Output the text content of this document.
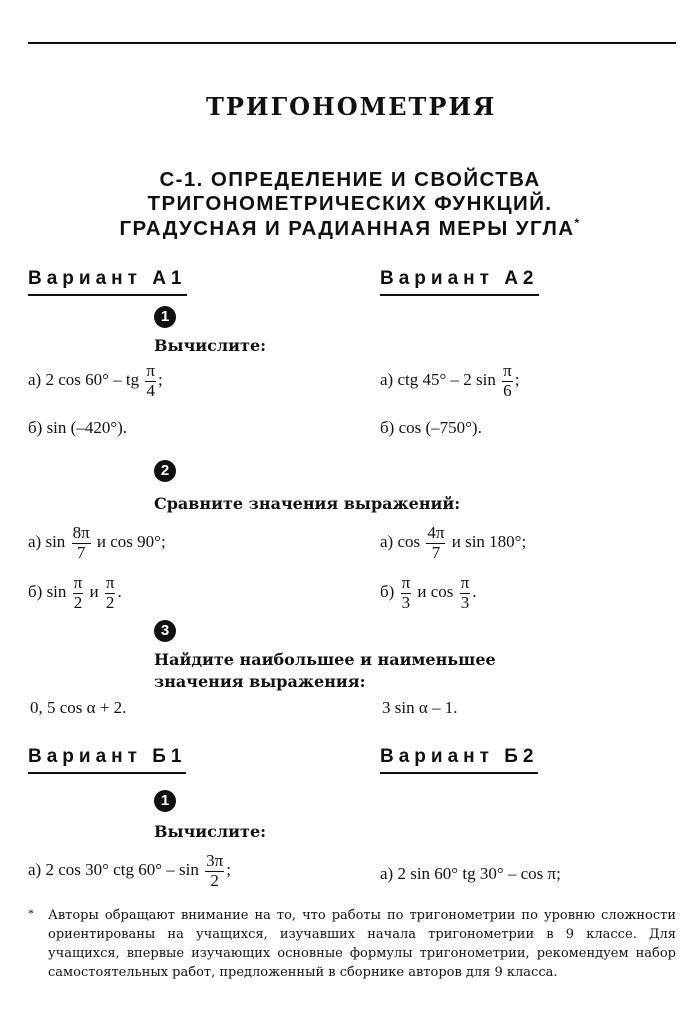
ТРИГОНОМЕТРИЯ
С-1. ОПРЕДЕЛЕНИЕ И СВОЙСТВА
ТРИГОНОМЕТРИЧЕСКИХ ФУНКЦИЙ.
ГРАДУСНАЯ И РАДИАННАЯ МЕРЫ УГЛА*
Вариант А1	Вариант А2
1
Вычислите:
а) 2 cos 60° – tg $\frac{\pi}{4}$ ;	а) ctg 45° – 2 $\sin \frac{\pi}{6}$ ;
б) sin (–420°).	б) cos (–750°).
2
Сравните значения выражений:
а) $\sin \frac{8\pi}{7}$ и cos 90°;	а) $\cos \frac{4\pi}{7}$ и sin 180°;
б) $\sin \frac{\pi}{2}$ и $\frac{\pi}{2}$ .	$б) \frac{\pi}{3}$ и $\cos \frac{\pi}{3}$ .
3
Найдите наибольшее и наименьшее
значения выражения:
0, 5 cos α + 2.	3 sin α – 1.
Вариант Б1	Вариант Б2
1
Вычислите:
а) 2 cos 30° ctg $60^\circ - \sin \frac{3\pi}{2}$ ;	а) 2 sin 60° tg 30° – cos π;
* Авторы обращают внимание на то, что работы по тригонометрии по уровню сложности ориентированы на учащихся, изучавших начала тригонометрии в 9 классе. Для учащихся, впервые изучающих основные формулы тригонометрии, рекомендуем набор самостоятельных работ, предложенный в сборнике авторов для 9 класса.
